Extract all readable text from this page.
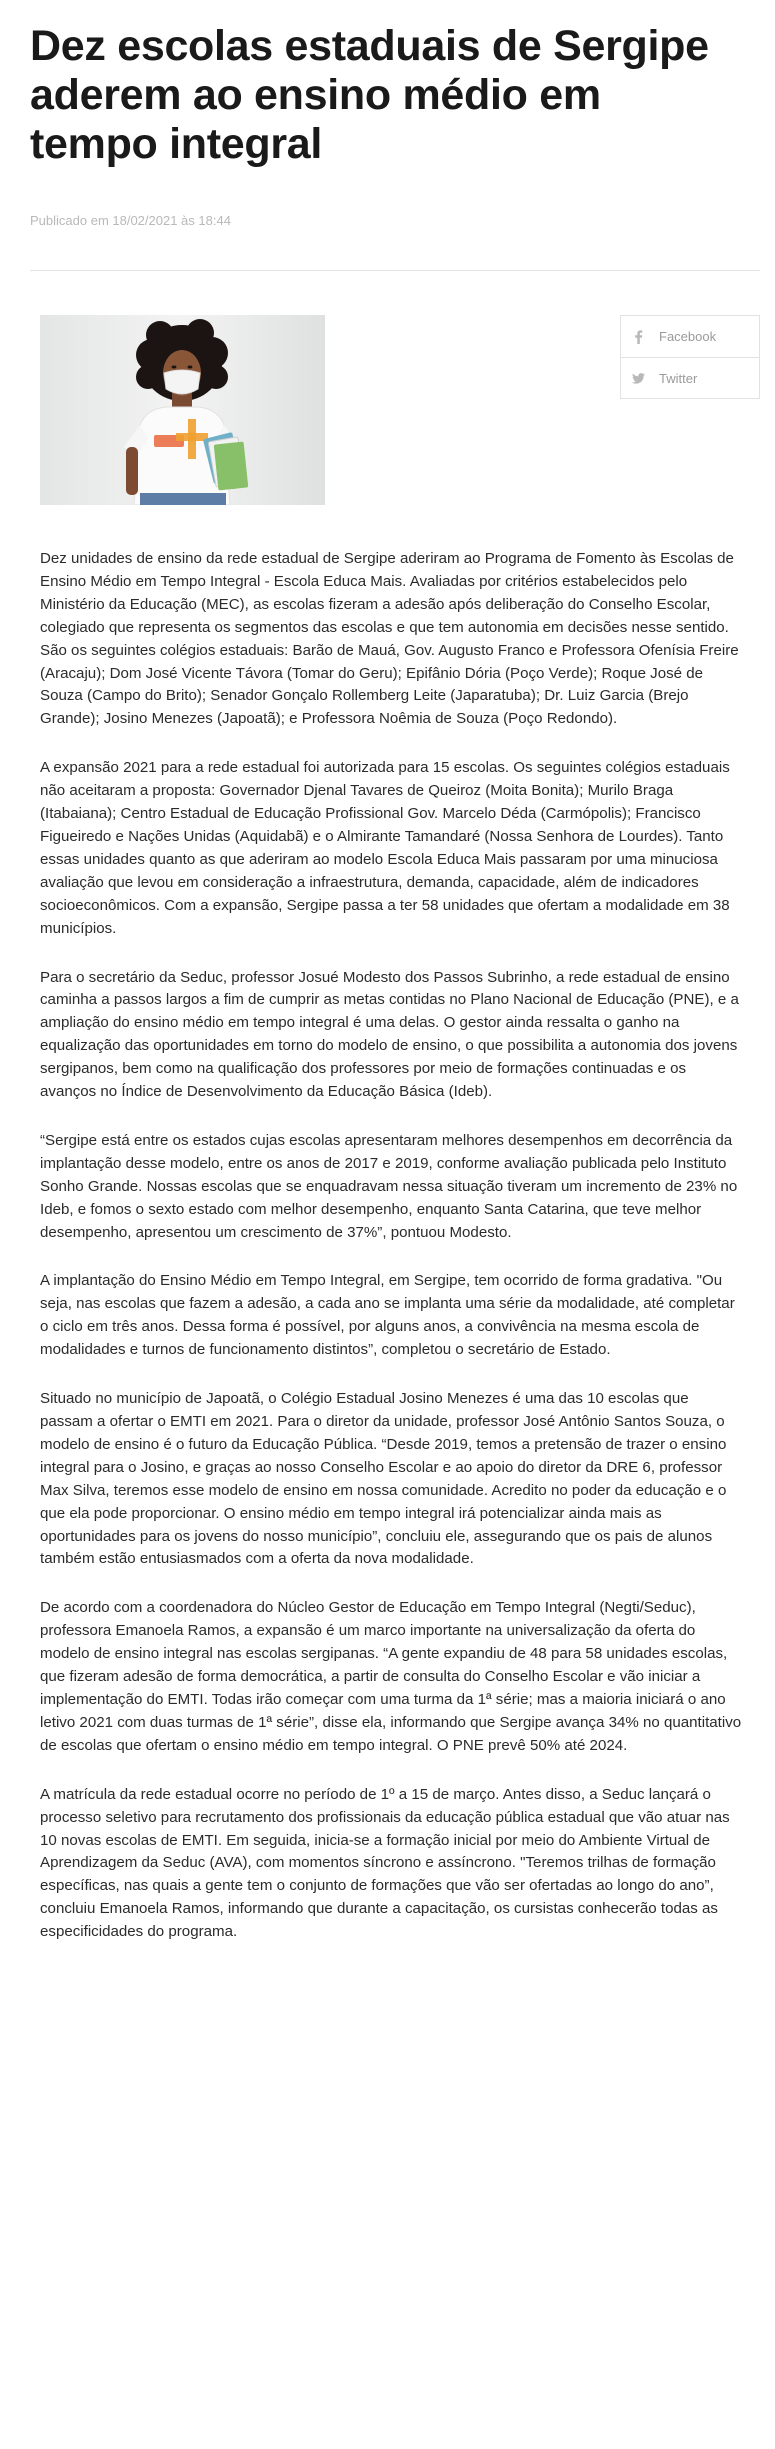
Dez escolas estaduais de Sergipe aderem ao ensino médio em tempo integral
Publicado em 18/02/2021 às 18:44
Facebook
Twitter

Dez unidades de ensino da rede estadual de Sergipe aderiram ao Programa de Fomento às Escolas de Ensino Médio em Tempo Integral - Escola Educa Mais. Avaliadas por critérios estabelecidos pelo Ministério da Educação (MEC), as escolas fizeram a adesão após deliberação do Conselho Escolar, colegiado que representa os segmentos das escolas e que tem autonomia em decisões nesse sentido. São os seguintes colégios estaduais: Barão de Mauá, Gov. Augusto Franco e Professora Ofenísia Freire (Aracaju); Dom José Vicente Távora (Tomar do Geru); Epifânio Dória (Poço Verde); Roque José de Souza (Campo do Brito); Senador Gonçalo Rollemberg Leite (Japaratuba); Dr. Luiz Garcia (Brejo Grande); Josino Menezes (Japoatã); e Professora Noêmia de Souza (Poço Redondo).

A expansão 2021 para a rede estadual foi autorizada para 15 escolas. Os seguintes colégios estaduais não aceitaram a proposta: Governador Djenal Tavares de Queiroz (Moita Bonita); Murilo Braga (Itabaiana); Centro Estadual de Educação Profissional Gov. Marcelo Déda (Carmópolis); Francisco Figueiredo e Nações Unidas (Aquidabã) e o Almirante Tamandaré (Nossa Senhora de Lourdes). Tanto essas unidades quanto as que aderiram ao modelo Escola Educa Mais passaram por uma minuciosa avaliação que levou em consideração a infraestrutura, demanda, capacidade, além de indicadores socioeconômicos. Com a expansão, Sergipe passa a ter 58 unidades que ofertam a modalidade em 38 municípios.

Para o secretário da Seduc, professor Josué Modesto dos Passos Subrinho, a rede estadual de ensino caminha a passos largos a fim de cumprir as metas contidas no Plano Nacional de Educação (PNE), e a ampliação do ensino médio em tempo integral é uma delas. O gestor ainda ressalta o ganho na equalização das oportunidades em torno do modelo de ensino, o que possibilita a autonomia dos jovens sergipanos, bem como na qualificação dos professores por meio de formações continuadas e os avanços no Índice de Desenvolvimento da Educação Básica (Ideb).

“Sergipe está entre os estados cujas escolas apresentaram melhores desempenhos em decorrência da implantação desse modelo, entre os anos de 2017 e 2019, conforme avaliação publicada pelo Instituto Sonho Grande. Nossas escolas que se enquadravam nessa situação tiveram um incremento de 23% no Ideb, e fomos o sexto estado com melhor desempenho, enquanto Santa Catarina, que teve melhor desempenho, apresentou um crescimento de 37%”, pontuou Modesto.

A implantação do Ensino Médio em Tempo Integral, em Sergipe, tem ocorrido de forma gradativa. "Ou seja, nas escolas que fazem a adesão, a cada ano se implanta uma série da modalidade, até completar o ciclo em três anos. Dessa forma é possível, por alguns anos, a convivência na mesma escola de modalidades e turnos de funcionamento distintos”, completou o secretário de Estado.

Situado no município de Japoatã, o Colégio Estadual Josino Menezes é uma das 10 escolas que passam a ofertar o EMTI em 2021. Para o diretor da unidade, professor José Antônio Santos Souza, o modelo de ensino é o futuro da Educação Pública. “Desde 2019, temos a pretensão de trazer o ensino integral para o Josino, e graças ao nosso Conselho Escolar e ao apoio do diretor da DRE 6, professor Max Silva, teremos esse modelo de ensino em nossa comunidade. Acredito no poder da educação e o que ela pode proporcionar. O ensino médio em tempo integral irá potencializar ainda mais as oportunidades para os jovens do nosso município”, concluiu ele, assegurando que os pais de alunos também estão entusiasmados com a oferta da nova modalidade.

De acordo com a coordenadora do Núcleo Gestor de Educação em Tempo Integral (Negti/Seduc), professora Emanoela Ramos, a expansão é um marco importante na universalização da oferta do modelo de ensino integral nas escolas sergipanas. “A gente expandiu de 48 para 58 unidades escolas, que fizeram adesão de forma democrática, a partir de consulta do Conselho Escolar e vão iniciar a implementação do EMTI. Todas irão começar com uma turma da 1ª série; mas a maioria iniciará o ano letivo 2021 com duas turmas de 1ª série”, disse ela, informando que Sergipe avança 34% no quantitativo de escolas que ofertam o ensino médio em tempo integral. O PNE prevê 50% até 2024.

A matrícula da rede estadual ocorre no período de 1º a 15 de março. Antes disso, a Seduc lançará o processo seletivo para recrutamento dos profissionais da educação pública estadual que vão atuar nas 10 novas escolas de EMTI. Em seguida, inicia-se a formação inicial por meio do Ambiente Virtual de Aprendizagem da Seduc (AVA), com momentos síncrono e assíncrono. "Teremos trilhas de formação específicas, nas quais a gente tem o conjunto de formações que vão ser ofertadas ao longo do ano”, concluiu Emanoela Ramos, informando que durante a capacitação, os cursistas conhecerão todas as especificidades do programa.
